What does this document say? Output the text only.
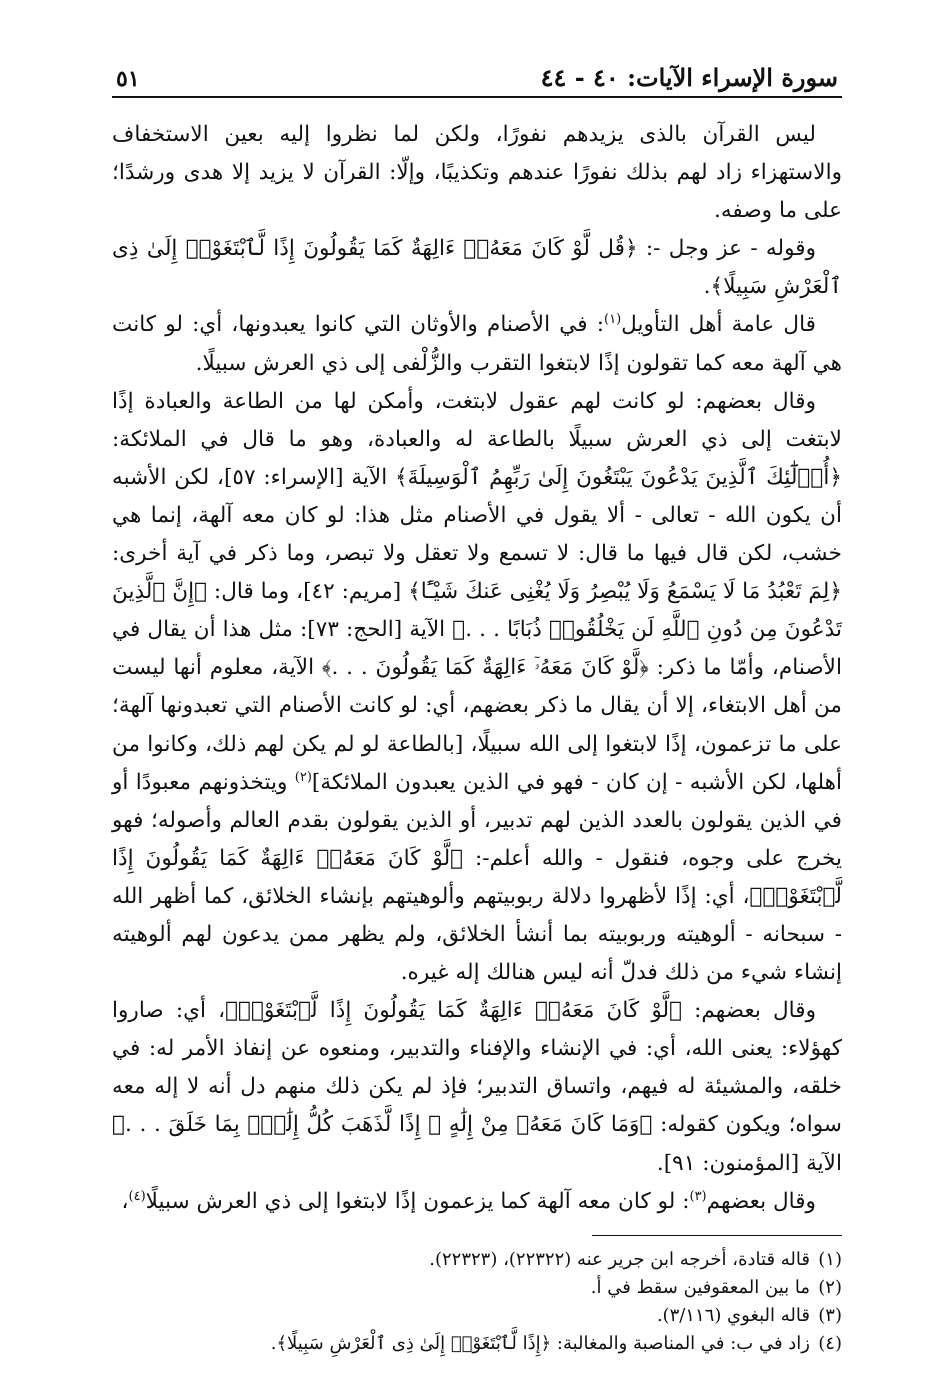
سورة الإسراء الآيات: ٤٠ - ٤٤
٥١

ليس القرآن بالذى يزيدهم نفورًا، ولكن لما نظروا إليه بعين الاستخفاف والاستهزاء زاد لهم بذلك نفورًا عندهم وتكذيبًا، وإلّا: القرآن لا يزيد إلا هدى ورشدًا؛ على ما وصفه.

وقوله - عز وجل -: ﴿قُل لَّوْ كَانَ مَعَهُۥٓ ءَالِهَةٌ كَمَا يَقُولُونَ إِذًا لَّٱبْتَغَوْا۟ إِلَىٰ ذِى ٱلْعَرْشِ سَبِيلًا﴾.

قال عامة أهل التأويل$^{(١)}$: في الأصنام والأوثان التي كانوا يعبدونها، أي: لو كانت هي آلهة معه كما تقولون إذًا لابتغوا التقرب والزُّلْفى إلى ذي العرش سبيلًا.

وقال بعضهم: لو كانت لهم عقول لابتغت، وأمكن لها من الطاعة والعبادة إذًا لابتغت إلى ذي العرش سبيلًا بالطاعة له والعبادة، وهو ما قال في الملائكة: ﴿أُو۟لَٰٓئِكَ ٱلَّذِينَ يَدْعُونَ يَبْتَغُونَ إِلَىٰ رَبِّهِمُ ٱلْوَسِيلَةَ﴾ الآية [الإسراء: ٥٧]، لكن الأشبه أن يكون الله - تعالى - ألا يقول في الأصنام مثل هذا: لو كان معه آلهة، إنما هي خشب، لكن قال فيها ما قال: لا تسمع ولا تعقل ولا تبصر، وما ذكر في آية أخرى: ﴿لِمَ تَعْبُدُ مَا لَا يَسْمَعُ وَلَا يُبْصِرُ وَلَا يُغْنِى عَنكَ شَيْـًٔا﴾ [مريم: ٤٢]، وما قال: ﴿إِنَّ ٱلَّذِينَ تَدْعُونَ مِن دُونِ ٱللَّهِ لَن يَخْلُقُوا۟ ذُبَابًا . . .﴾ الآية [الحج: ٧٣]: مثل هذا أن يقال في الأصنام، وأمّا ما ذكر: ﴿لَّوْ كَانَ مَعَهُۥٓ ءَالِهَةٌ كَمَا يَقُولُونَ . . .﴾ الآية، معلوم أنها ليست من أهل الابتغاء، إلا أن يقال ما ذكر بعضهم، أي: لو كانت الأصنام التي تعبدونها آلهة؛ على ما تزعمون، إذًا لابتغوا إلى الله سبيلًا، [بالطاعة لو لم يكن لهم ذلك، وكانوا من أهلها، لكن الأشبه - إن كان - فهو في الذين يعبدون الملائكة]$^{(٢)}$ ويتخذونهم معبودًا أو في الذين يقولون بالعدد الذين لهم تدبير، أو الذين يقولون بقدم العالم وأصوله؛ فهو يخرج على وجوه، فنقول - والله أعلم-: ﴿لَّوْ كَانَ مَعَهُۥٓ ءَالِهَةٌ كَمَا يَقُولُونَ إِذًا لَّٱبْتَغَوْا۟﴾، أي: إذًا لأظهروا دلالة ربوبيتهم وألوهيتهم بإنشاء الخلائق، كما أظهر الله - سبحانه - ألوهيته وربوبيته بما أنشأ الخلائق، ولم يظهر ممن يدعون لهم ألوهيته إنشاء شيء من ذلك فدلّ أنه ليس هنالك إله غيره.

وقال بعضهم: ﴿لَّوْ كَانَ مَعَهُۥٓ ءَالِهَةٌ كَمَا يَقُولُونَ إِذًا لَّٱبْتَغَوْا۟﴾، أي: صاروا كهؤلاء: يعنى الله، أي: في الإنشاء والإفناء والتدبير، ومنعوه عن إنفاذ الأمر له: في خلقه، والمشيئة له فيهم، واتساق التدبير؛ فإذ لم يكن ذلك منهم دل أنه لا إله معه سواه؛ ويكون كقوله: ﴿وَمَا كَانَ مَعَهُۥ مِنْ إِلَٰهٍ ۚ إِذًا لَّذَهَبَ كُلُّ إِلَٰهٍۭ بِمَا خَلَقَ . . .﴾ الآية [المؤمنون: ٩١].

وقال بعضهم$^{(٣)}$: لو كان معه آلهة كما يزعمون إذًا لابتغوا إلى ذي العرش سبيلًا$^{(٤)}$،

(١)قاله قتادة، أخرجه ابن جرير عنه (٢٢٣٢٢)، (٢٢٣٢٣).

(٢)ما بين المعقوفين سقط في أ.

(٣)قاله البغوي (٣/١١٦).

(٤)زاد في ب: في المناصبة والمغالبة: ﴿إِذًا لَّٱبْتَغَوْا۟ إِلَىٰ ذِى ٱلْعَرْشِ سَبِيلًا﴾.
